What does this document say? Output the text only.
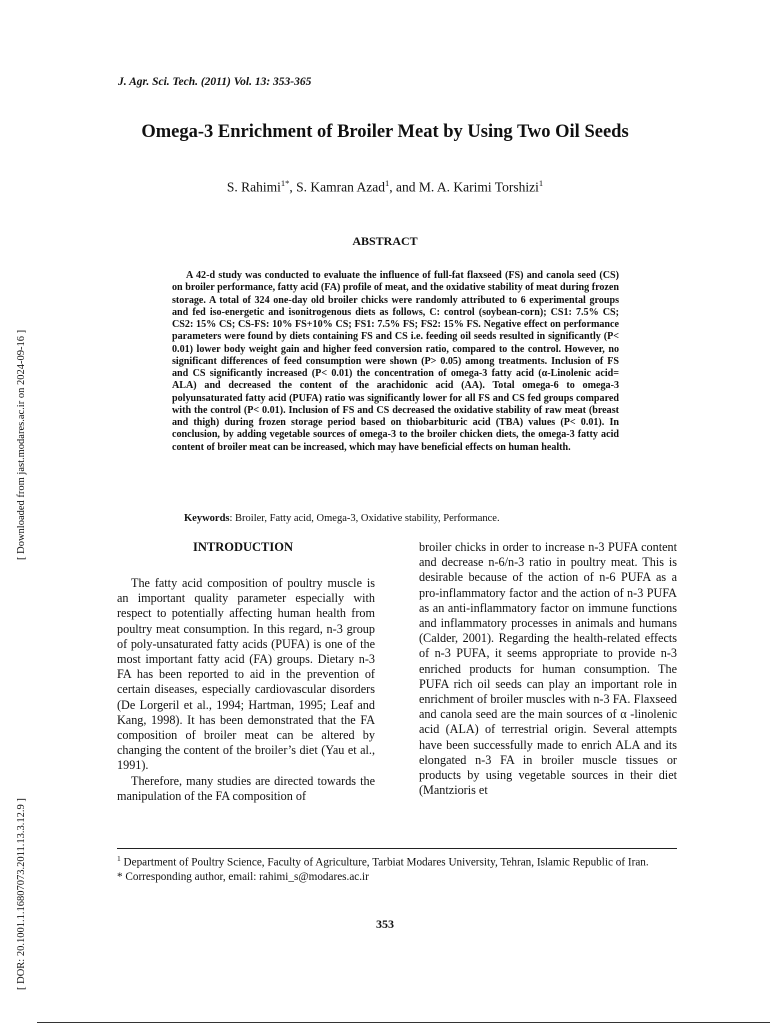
J. Agr. Sci. Tech. (2011) Vol. 13: 353-365
Omega-3 Enrichment of Broiler Meat by Using Two Oil Seeds
S. Rahimi$^{1*}$, S. Kamran Azad$^1$, and M. A. Karimi Torshizi$^1$
ABSTRACT
A 42-d study was conducted to evaluate the influence of full-fat flaxseed (FS) and canola seed (CS) on broiler performance, fatty acid (FA) profile of meat, and the oxidative stability of meat during frozen storage. A total of 324 one-day old broiler chicks were randomly attributed to 6 experimental groups and fed iso-energetic and isonitrogenous diets as follows, C: control (soybean-corn); CS1: 7.5% CS; CS2: 15% CS; CS-FS: 10% FS+10% CS; FS1: 7.5% FS; FS2: 15% FS. Negative effect on performance parameters were found by diets containing FS and CS i.e. feeding oil seeds resulted in significantly (P< 0.01) lower body weight gain and higher feed conversion ratio, compared to the control. However, no significant differences of feed consumption were shown (P> 0.05) among treatments. Inclusion of FS and CS significantly increased (P< 0.01) the concentration of omega-3 fatty acid (α-Linolenic acid= ALA) and decreased the content of the arachidonic acid (AA). Total omega-6 to omega-3 polyunsaturated fatty acid (PUFA) ratio was significantly lower for all FS and CS fed groups compared with the control (P< 0.01). Inclusion of FS and CS decreased the oxidative stability of raw meat (breast and thigh) during frozen storage period based on thiobarbituric acid (TBA) values (P< 0.01). In conclusion, by adding vegetable sources of omega-3 to the broiler chicken diets, the omega-3 fatty acid content of broiler meat can be increased, which may have beneficial effects on human health.
Keywords: Broiler, Fatty acid, Omega-3, Oxidative stability, Performance.
INTRODUCTION

The fatty acid composition of poultry muscle is an important quality parameter especially with respect to potentially affecting human health from poultry meat consumption. In this regard, n-3 group of poly-unsaturated fatty acids (PUFA) is one of the most important fatty acid (FA) groups. Dietary n-3 FA has been reported to aid in the prevention of certain diseases, especially cardiovascular disorders (De Lorgeril et al., 1994; Hartman, 1995; Leaf and Kang, 1998). It has been demonstrated that the FA composition of broiler meat can be altered by changing the content of the broiler’s diet (Yau et al., 1991).

Therefore, many studies are directed towards the manipulation of the FA composition of

broiler chicks in order to increase n-3 PUFA content and decrease n-6/n-3 ratio in poultry meat. This is desirable because of the action of n-6 PUFA as a pro-inflammatory factor and the action of n-3 PUFA as an anti-inflammatory factor on immune functions and inflammatory processes in animals and humans (Calder, 2001). Regarding the health-related effects of n-3 PUFA, it seems appropriate to provide n-3 enriched products for human consumption. The PUFA rich oil seeds can play an important role in enrichment of broiler muscles with n-3 FA. Flaxseed and canola seed are the main sources of α -linolenic acid (ALA) of terrestrial origin. Several attempts have been successfully made to enrich ALA and its elongated n-3 FA in broiler muscle tissues or products by using vegetable sources in their diet (Mantzioris et

$^1$ Department of Poultry Science, Faculty of Agriculture, Tarbiat Modares University, Tehran, Islamic Republic of Iran.

* Corresponding author, email: rahimi_s@modares.ac.ir

353
[ Downloaded from jast.modares.ac.ir on 2024-09-16 ]
[ DOR: 20.1001.1.16807073.2011.13.3.12.9 ]
